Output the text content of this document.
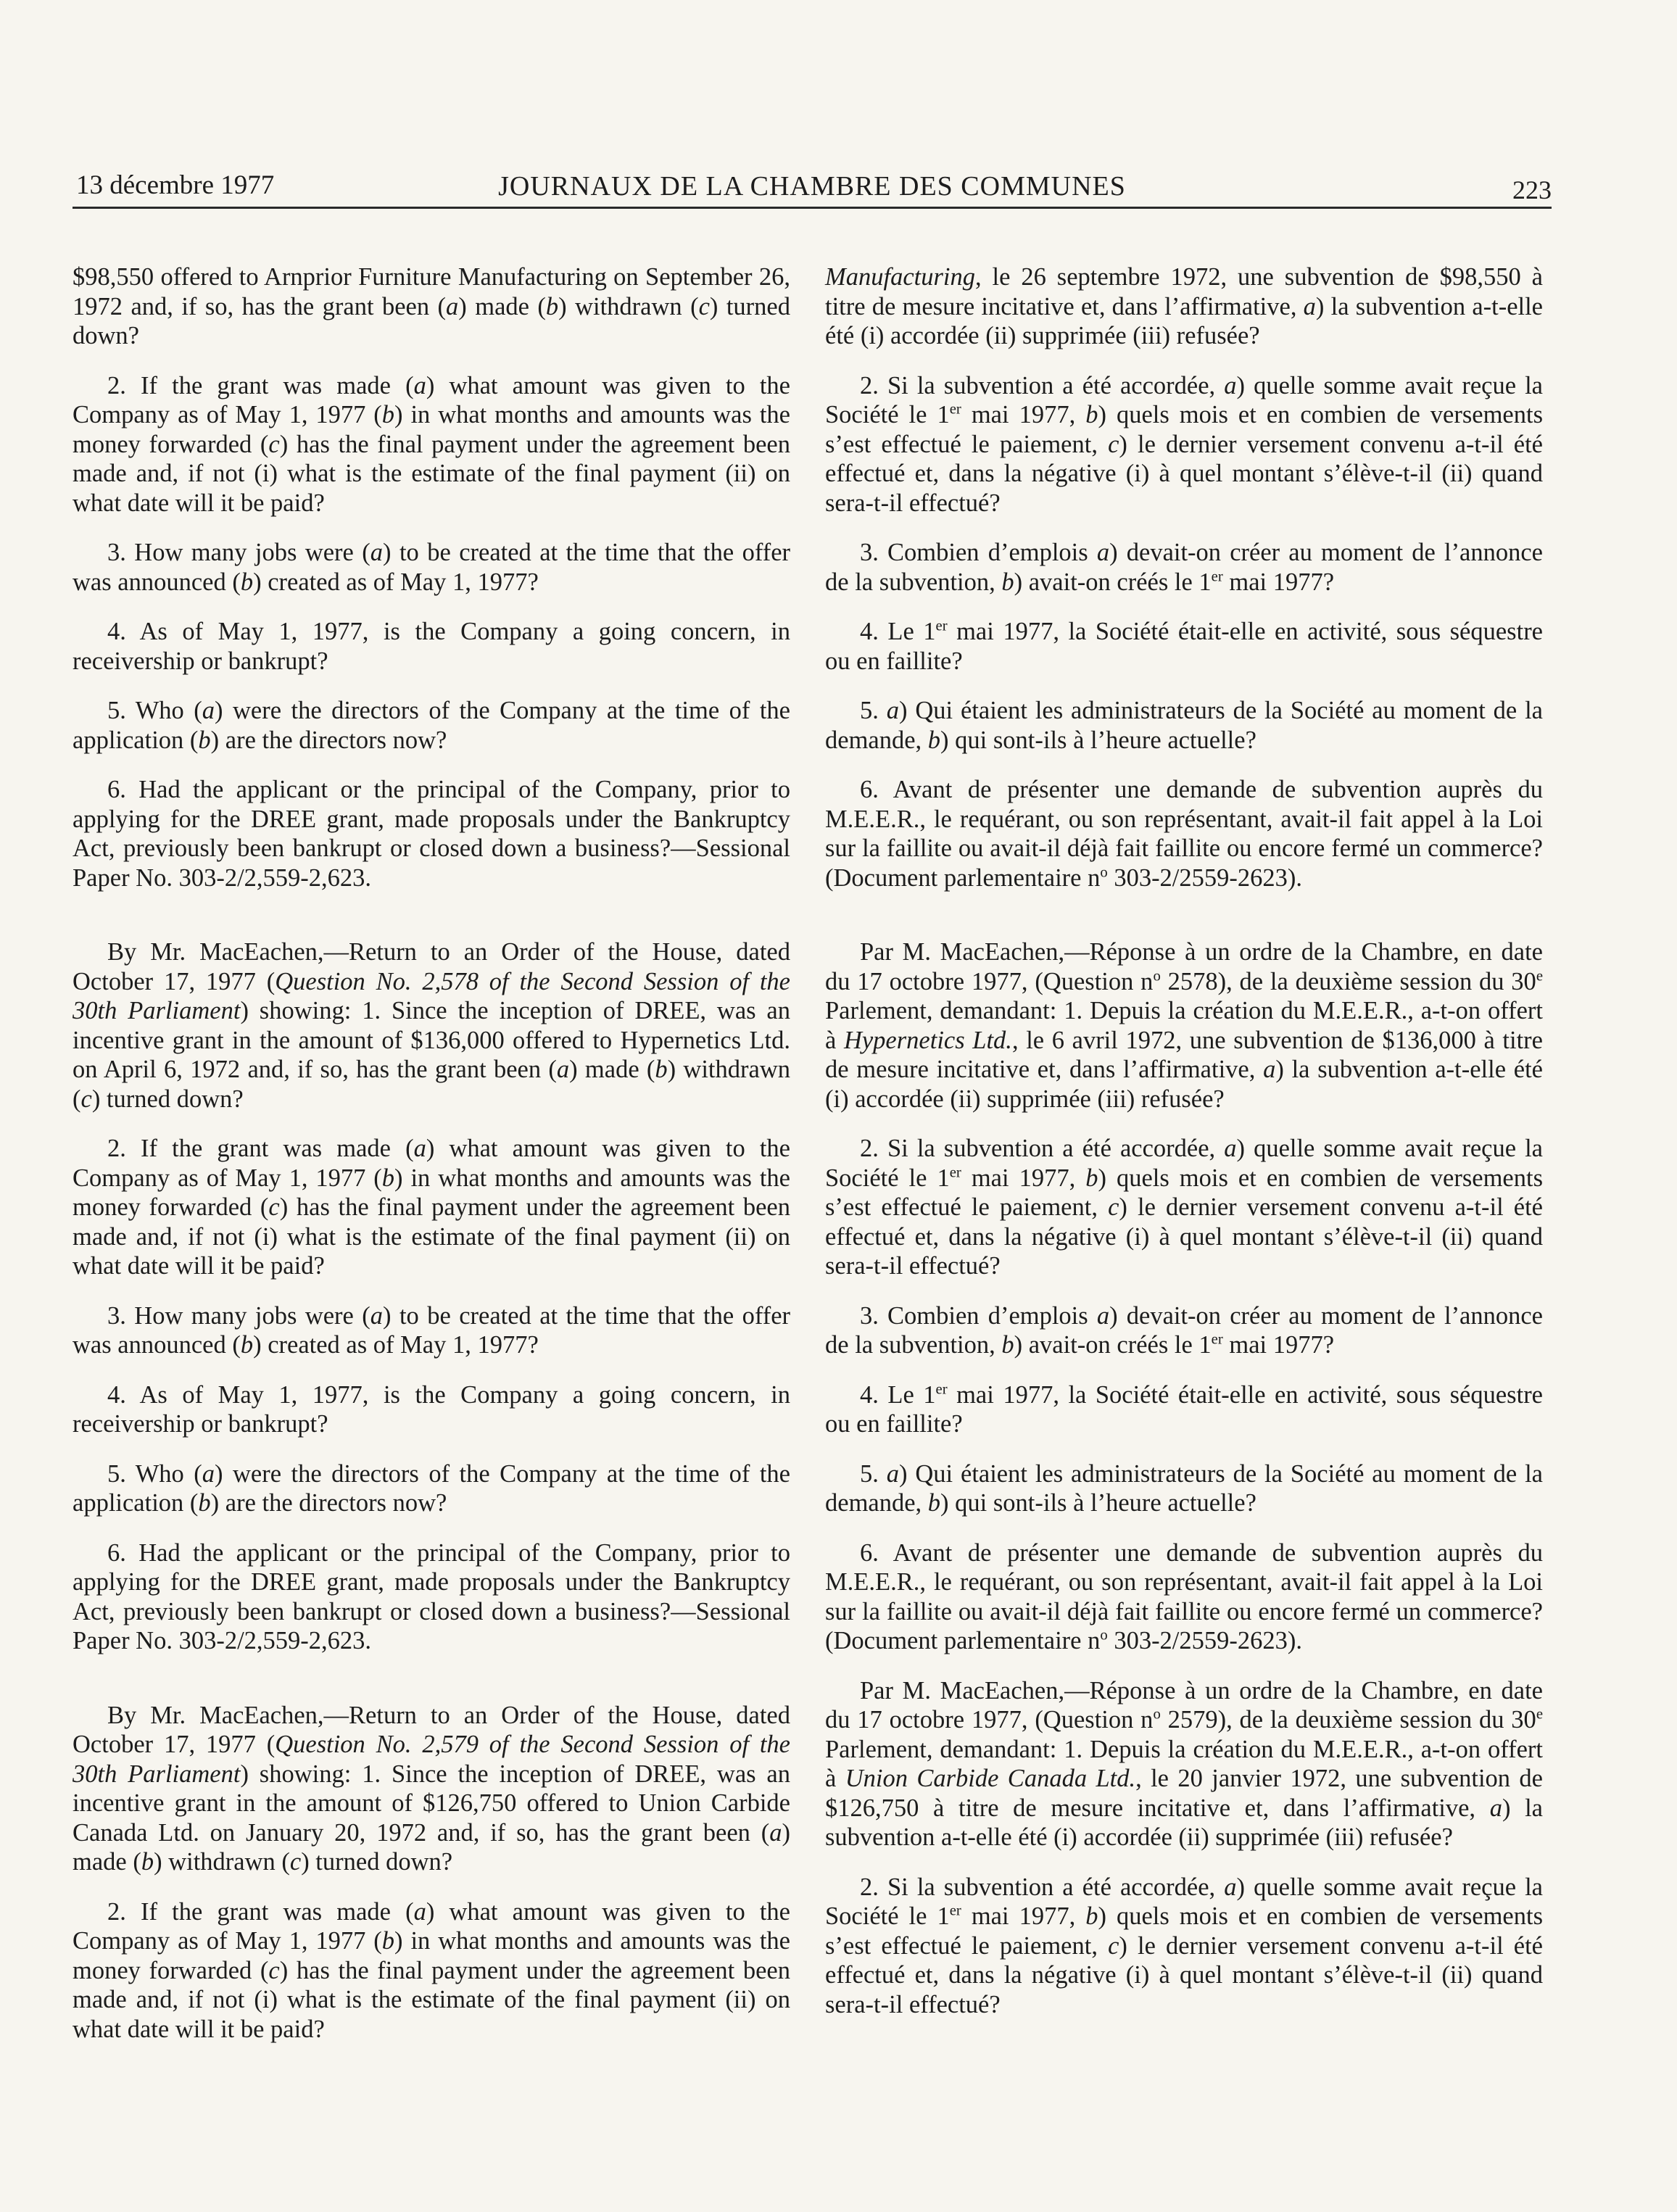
13 décembre 1977	JOURNAUX DE LA CHAMBRE DES COMMUNES	223

$98,550 offered to Arnprior Furniture Manufacturing on September 26, 1972 and, if so, has the grant been (a) made (b) withdrawn (c) turned down?

2. If the grant was made (a) what amount was given to the Company as of May 1, 1977 (b) in what months and amounts was the money forwarded (c) has the final payment under the agreement been made and, if not (i) what is the estimate of the final payment (ii) on what date will it be paid?

3. How many jobs were (a) to be created at the time that the offer was announced (b) created as of May 1, 1977?

4. As of May 1, 1977, is the Company a going concern, in receivership or bankrupt?

5. Who (a) were the directors of the Company at the time of the application (b) are the directors now?

6. Had the applicant or the principal of the Company, prior to applying for the DREE grant, made proposals under the Bankruptcy Act, previously been bankrupt or closed down a business?—Sessional Paper No. 303-2/2,559-2,623.

By Mr. MacEachen,—Return to an Order of the House, dated October 17, 1977 (Question No. 2,578 of the Second Session of the 30th Parliament) showing: 1. Since the inception of DREE, was an incentive grant in the amount of $136,000 offered to Hypernetics Ltd. on April 6, 1972 and, if so, has the grant been (a) made (b) withdrawn (c) turned down?

2. If the grant was made (a) what amount was given to the Company as of May 1, 1977 (b) in what months and amounts was the money forwarded (c) has the final payment under the agreement been made and, if not (i) what is the estimate of the final payment (ii) on what date will it be paid?

3. How many jobs were (a) to be created at the time that the offer was announced (b) created as of May 1, 1977?

4. As of May 1, 1977, is the Company a going concern, in receivership or bankrupt?

5. Who (a) were the directors of the Company at the time of the application (b) are the directors now?

6. Had the applicant or the principal of the Company, prior to applying for the DREE grant, made proposals under the Bankruptcy Act, previously been bankrupt or closed down a business?—Sessional Paper No. 303-2/2,559-2,623.

By Mr. MacEachen,—Return to an Order of the House, dated October 17, 1977 (Question No. 2,579 of the Second Session of the 30th Parliament) showing: 1. Since the inception of DREE, was an incentive grant in the amount of $126,750 offered to Union Carbide Canada Ltd. on January 20, 1972 and, if so, has the grant been (a) made (b) withdrawn (c) turned down?

2. If the grant was made (a) what amount was given to the Company as of May 1, 1977 (b) in what months and amounts was the money forwarded (c) has the final payment under the agreement been made and, if not (i) what is the estimate of the final payment (ii) on what date will it be paid?

Manufacturing, le 26 septembre 1972, une subvention de $98,550 à titre de mesure incitative et, dans l’affirmative, a) la subvention a-t-elle été (i) accordée (ii) supprimée (iii) refusée?

2. Si la subvention a été accordée, a) quelle somme avait reçue la Société le 1er mai 1977, b) quels mois et en combien de versements s’est effectué le paiement, c) le dernier versement convenu a-t-il été effectué et, dans la négative (i) à quel montant s’élève-t-il (ii) quand sera-t-il effectué?

3. Combien d’emplois a) devait-on créer au moment de l’annonce de la subvention, b) avait-on créés le 1er mai 1977?

4. Le 1er mai 1977, la Société était-elle en activité, sous séquestre ou en faillite?

5. a) Qui étaient les administrateurs de la Société au moment de la demande, b) qui sont-ils à l’heure actuelle?

6. Avant de présenter une demande de subvention auprès du M.E.E.R., le requérant, ou son représentant, avait-il fait appel à la Loi sur la faillite ou avait-il déjà fait faillite ou encore fermé un commerce? (Document parlementaire $n^o$ 303-2/2559-2623).

Par M. MacEachen,—Réponse à un ordre de la Chambre, en date du 17 octobre 1977, (Question $n^o$ 2578), de la deuxième session du 30e Parlement, demandant: 1. Depuis la création du M.E.E.R., a-t-on offert à Hypernetics Ltd., le 6 avril 1972, une subvention de $136,000 à titre de mesure incitative et, dans l’affirmative, a) la subvention a-t-elle été (i) accordée (ii) supprimée (iii) refusée?

2. Si la subvention a été accordée, a) quelle somme avait reçue la Société le 1er mai 1977, b) quels mois et en combien de versements s’est effectué le paiement, c) le dernier versement convenu a-t-il été effectué et, dans la négative (i) à quel montant s’élève-t-il (ii) quand sera-t-il effectué?

3. Combien d’emplois a) devait-on créer au moment de l’annonce de la subvention, b) avait-on créés le 1er mai 1977?

4. Le 1er mai 1977, la Société était-elle en activité, sous séquestre ou en faillite?

5. a) Qui étaient les administrateurs de la Société au moment de la demande, b) qui sont-ils à l’heure actuelle?

6. Avant de présenter une demande de subvention auprès du M.E.E.R., le requérant, ou son représentant, avait-il fait appel à la Loi sur la faillite ou avait-il déjà fait faillite ou encore fermé un commerce? (Document parlementaire $n^o$ 303-2/2559-2623).

Par M. MacEachen,—Réponse à un ordre de la Chambre, en date du 17 octobre 1977, (Question $n^o$ 2579), de la deuxième session du 30e Parlement, demandant: 1. Depuis la création du M.E.E.R., a-t-on offert à Union Carbide Canada Ltd., le 20 janvier 1972, une subvention de $126,750 à titre de mesure incitative et, dans l’affirmative, a) la subvention a-t-elle été (i) accordée (ii) supprimée (iii) refusée?

2. Si la subvention a été accordée, a) quelle somme avait reçue la Société le 1er mai 1977, b) quels mois et en combien de versements s’est effectué le paiement, c) le dernier versement convenu a-t-il été effectué et, dans la négative (i) à quel montant s’élève-t-il (ii) quand sera-t-il effectué?
